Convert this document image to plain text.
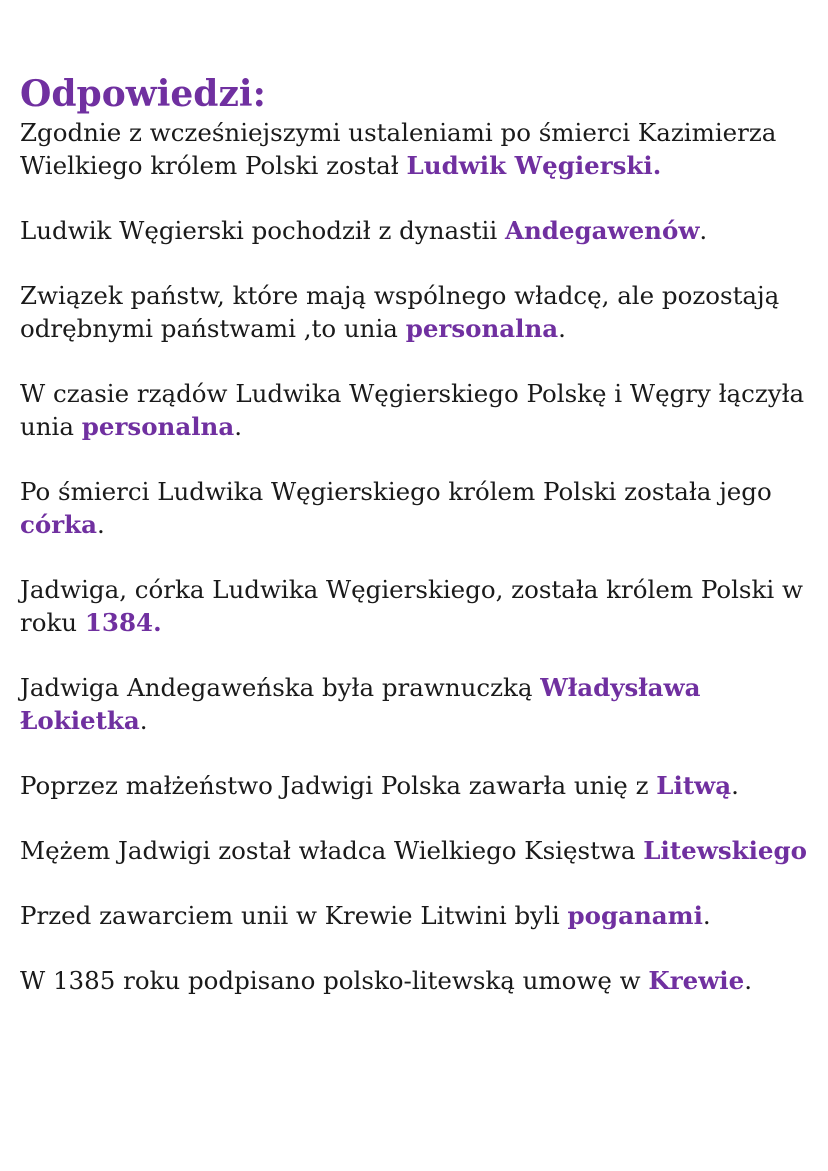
Odpowiedzi:

Zgodnie z wcześniejszymi ustaleniami po śmierci Kazimierza Wielkiego królem Polski został Ludwik Węgierski.

Ludwik Węgierski pochodził z dynastii Andegawenów.

Związek państw, które mają wspólnego władcę, ale pozostają odrębnymi państwami ,to unia personalna.

W czasie rządów Ludwika Węgierskiego Polskę i Węgry łączyła unia personalna.

Po śmierci Ludwika Węgierskiego królem Polski została jego córka.

Jadwiga, córka Ludwika Węgierskiego, została królem Polski w roku 1384.

Jadwiga Andegaweńska była prawnuczką Władysława Łokietka.

Poprzez małżeństwo Jadwigi Polska zawarła unię z Litwą.

Mężem Jadwigi został władca Wielkiego Księstwa Litewskiego

Przed zawarciem unii w Krewie Litwini byli poganami.

W 1385 roku podpisano polsko-litewską umowę w Krewie.
